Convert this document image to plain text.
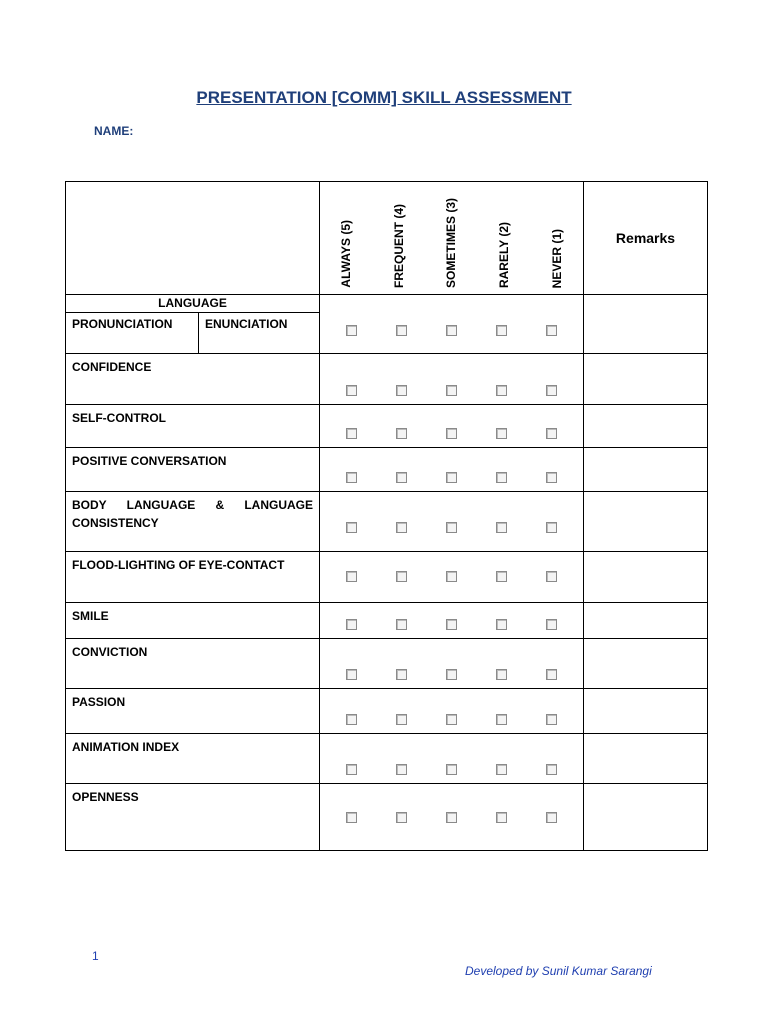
PRESENTATION [COMM] SKILL ASSESSMENT
NAME:

	ALWAYS (5) FREQUENT (4) SOMETIMES (3) RARELY (2) NEVER (1)	Remarks

LANGUAGE
PRONUNCIATION ENUNCIATION		

CONFIDENCE		

SELF-CONTROL		

POSITIVE CONVERSATION		

BODY LANGUAGE & LANGUAGE CONSISTENCY		

FLOOD-LIGHTING OF EYE-CONTACT		

SMILE		

CONVICTION		

PASSION		

ANIMATION INDEX		

OPENNESS		

1
Developed by Sunil Kumar Sarangi
